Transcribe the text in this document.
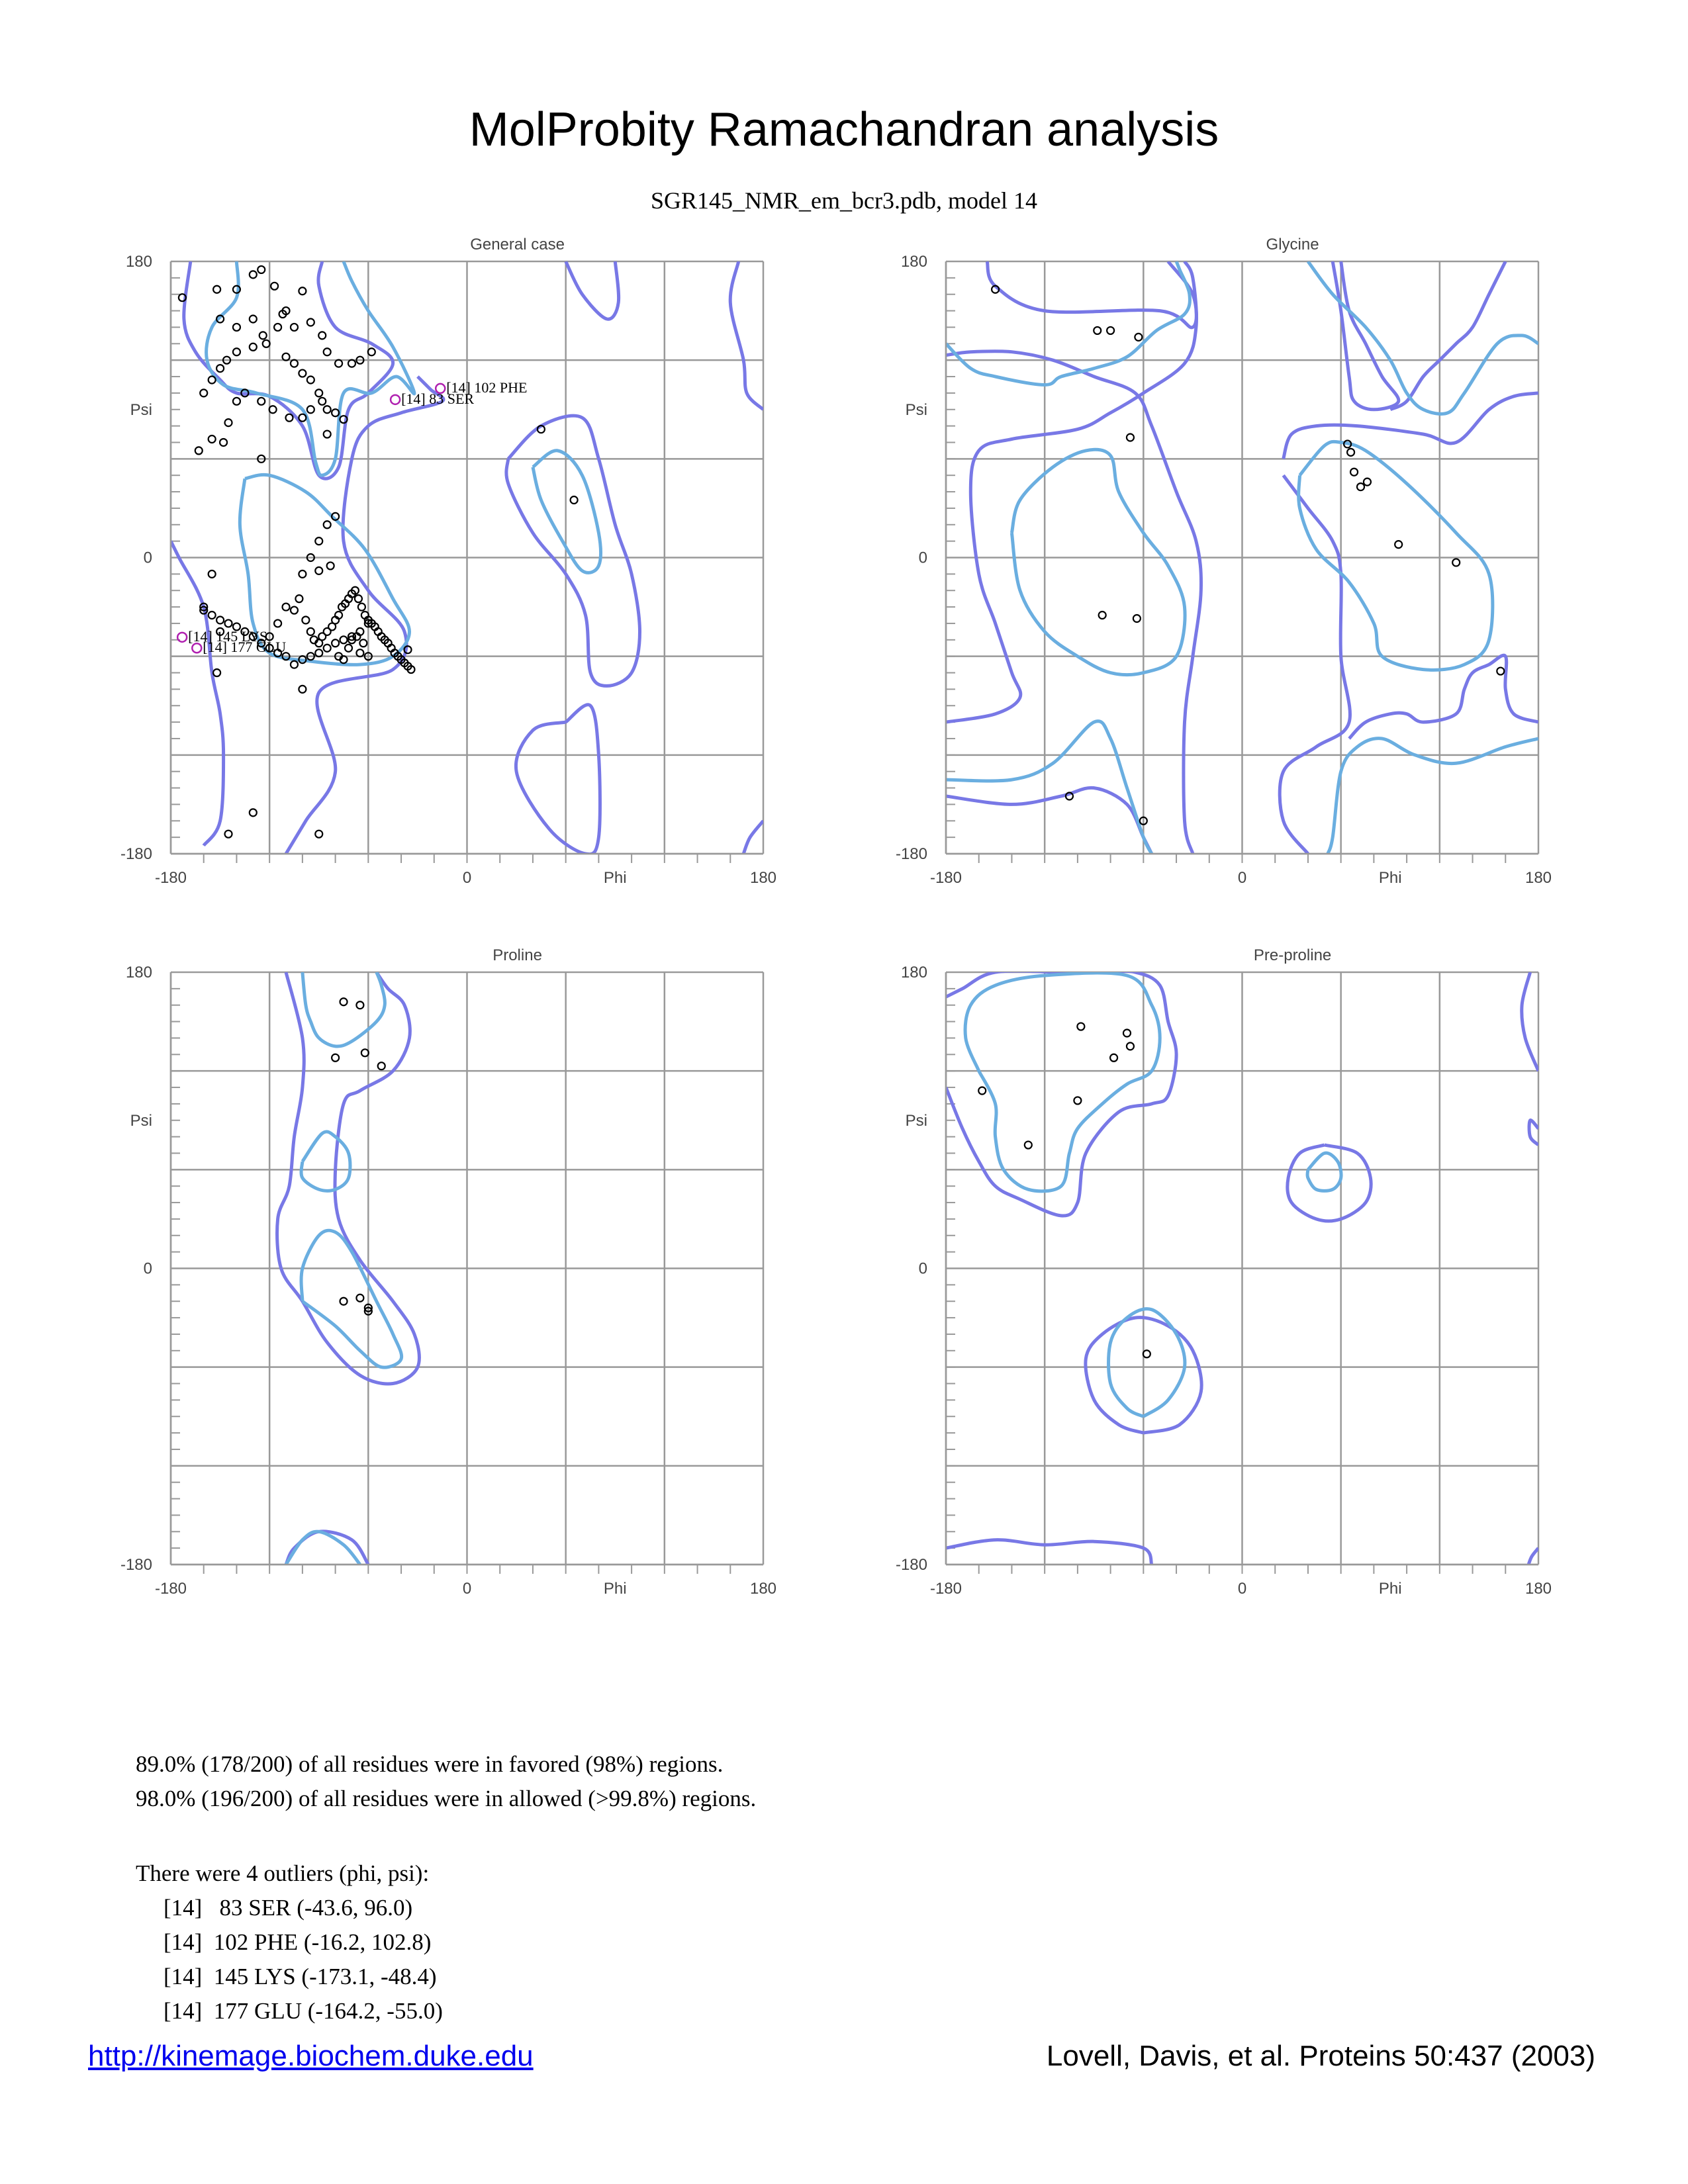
MolProbity Ramachandran analysis
SGR145_NMR_em_bcr3.pdb, model 14
[14] 83 SER
[14] 102 PHE
[14] 145 LYS
[14] 177 GLU
General case
180
0
-180
-180	0	180
Phi
Psi
Glycine
180
0
-180
-180	0	180
Phi
Psi
Proline
180
0
-180
-180	0	180
Phi
Psi
Pre-proline
180
0
-180
-180	0	180
Phi
Psi
89.0% (178/200) of all residues were in favored (98%) regions.
98.0% (196/200) of all residues were in allowed (>99.8%) regions.
There were 4 outliers (phi, psi):
[14]   83 SER (-43.6, 96.0)
[14]  102 PHE (-16.2, 102.8)
[14]  145 LYS (-173.1, -48.4)
[14]  177 GLU (-164.2, -55.0)
http://kinemage.biochem.duke.edu	Lovell, Davis, et al. Proteins 50:437 (2003)
